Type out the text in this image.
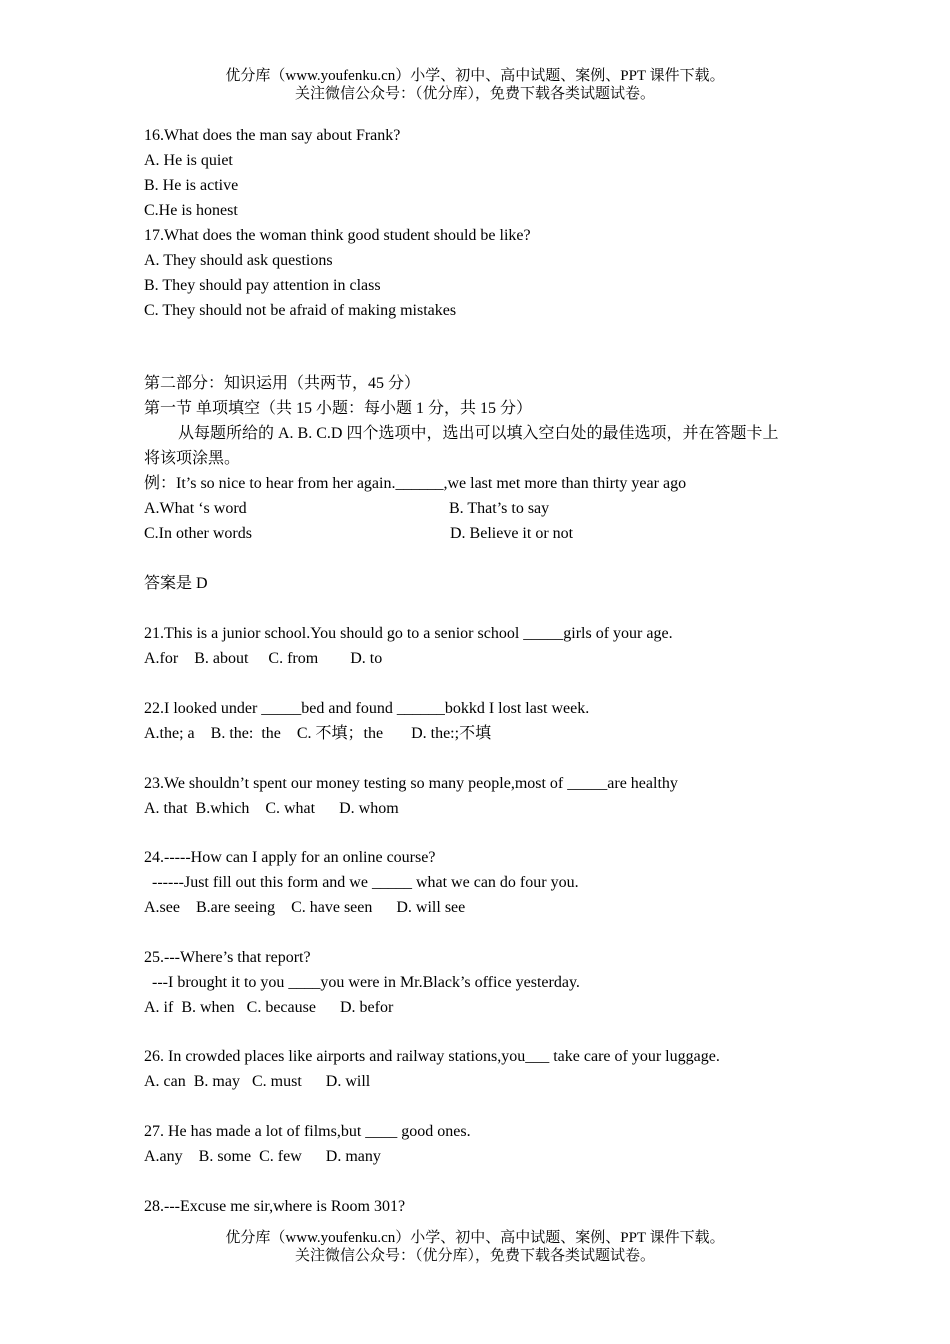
优分库（www.youfenku.cn）小学、初中、高中试题、案例、PPT 课件下载。
关注微信公众号：（优分库），免费下载各类试题试卷。
16.What does the man say about Frank?
A. He is quiet
B. He is active
C.He is honest
17.What does the woman think good student should be like?
A. They should ask questions
B. They should pay attention in class
C. They should not be afraid of making mistakes
第二部分：知识运用（共两节，45 分）
第一节 单项填空（共 15 小题：每小题 1 分，共 15 分）
从每题所给的 A. B. C.D 四个选项中，选出可以填入空白处的最佳选项，并在答题卡上
将该项涂黑。
例：It’s so nice to hear from her again.______,we last met more than thirty year ago
A.What ‘s word	B. That’s to say
C.In other words	D. Believe it or not
答案是 D
21.This is a junior school.You should go to a senior school _____girls of your age.
A.for    B. about     C. from        D. to
22.I looked under _____bed and found ______bokkd I lost last week.
A.the; a    B. the:  the    C. 不填；the       D. the:;不填
23.We shouldn’t spent our money testing so many people,most of _____are healthy
A. that  B.which    C. what      D. whom
24.-----How can I apply for an online course?
------Just fill out this form and we _____ what we can do four you.
A.see    B.are seeing    C. have seen      D. will see
25.---Where’s that report?
---I brought it to you ____you were in Mr.Black’s office yesterday.
A. if  B. when   C. because      D. befor
26. In crowded places like airports and railway stations,you___ take care of your luggage.
A. can  B. may   C. must      D. will
27. He has made a lot of films,but ____ good ones.
A.any    B. some  C. few      D. many
28.---Excuse me sir,where is Room 301?
优分库（www.youfenku.cn）小学、初中、高中试题、案例、PPT 课件下载。
关注微信公众号：（优分库），免费下载各类试题试卷。
